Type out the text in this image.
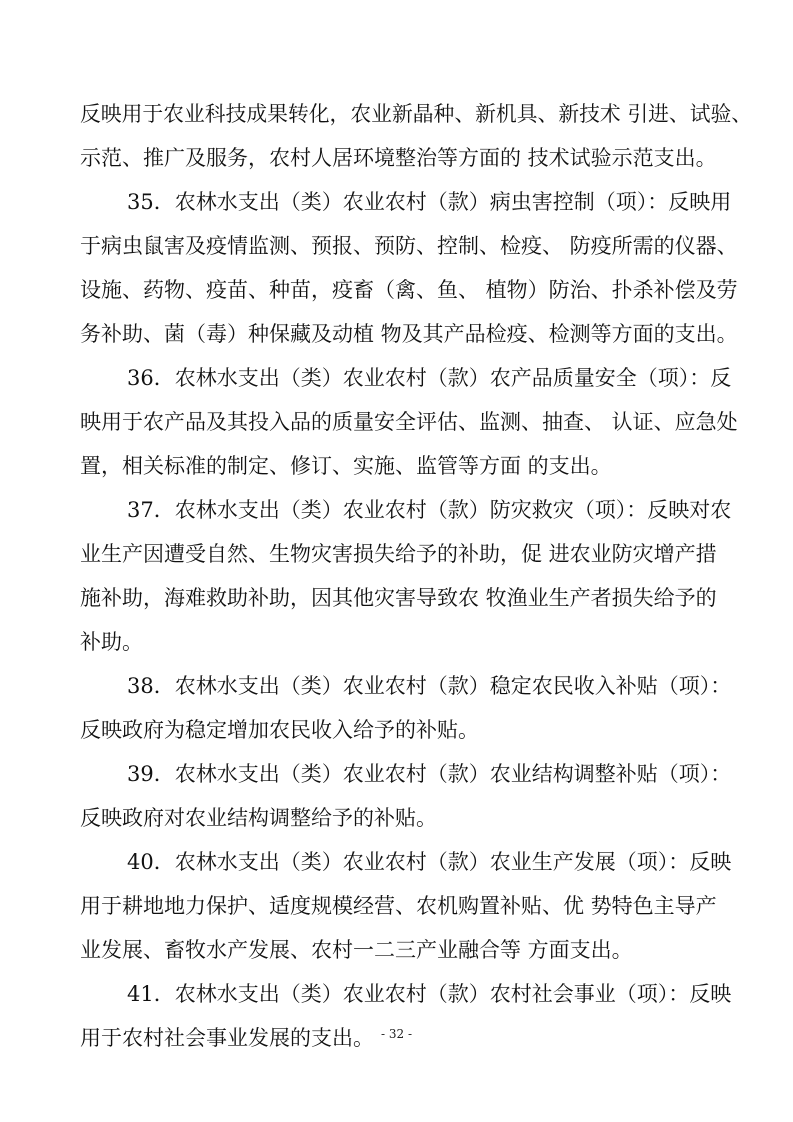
反映用于农业科技成果转化，农业新晶种、新机具、新技术 引进、试验、
示范、推广及服务，农村人居环境整治等方面的 技术试验示范支出。
35．农林水支出（类）农业农村（款）病虫害控制（项）：反映用
于病虫鼠害及疫情监测、预报、预防、控制、检疫、 防疫所需的仪器、
设施、药物、疫苗、种苗，疫畜（禽、鱼、 植物）防治、扑杀补偿及劳
务补助、菌（毒）种保藏及动植 物及其产品检疫、检测等方面的支出。
36．农林水支出（类）农业农村（款）农产品质量安全（项）：反
映用于农产品及其投入品的质量安全评估、监测、抽查、 认证、应急处
置，相关标准的制定、修订、实施、监管等方面 的支出。
37．农林水支出（类）农业农村（款）防灾救灾（项）：反映对农
业生产因遭受自然、生物灾害损失给予的补助，促 进农业防灾增产措
施补助，海难救助补助，因其他灾害导致农 牧渔业生产者损失给予的
补助。
38．农林水支出（类）农业农村（款）稳定农民收入补贴（项）：
反映政府为稳定增加农民收入给予的补贴。
39．农林水支出（类）农业农村（款）农业结构调整补贴（项）：
反映政府对农业结构调整给予的补贴。
40．农林水支出（类）农业农村（款）农业生产发展（项）：反映
用于耕地地力保护、适度规模经营、农机购置补贴、优 势特色主导产
业发展、畜牧水产发展、农村一二三产业融合等 方面支出。
41．农林水支出（类）农业农村（款）农村社会事业（项）：反映
用于农村社会事业发展的支出。 - 32 -
